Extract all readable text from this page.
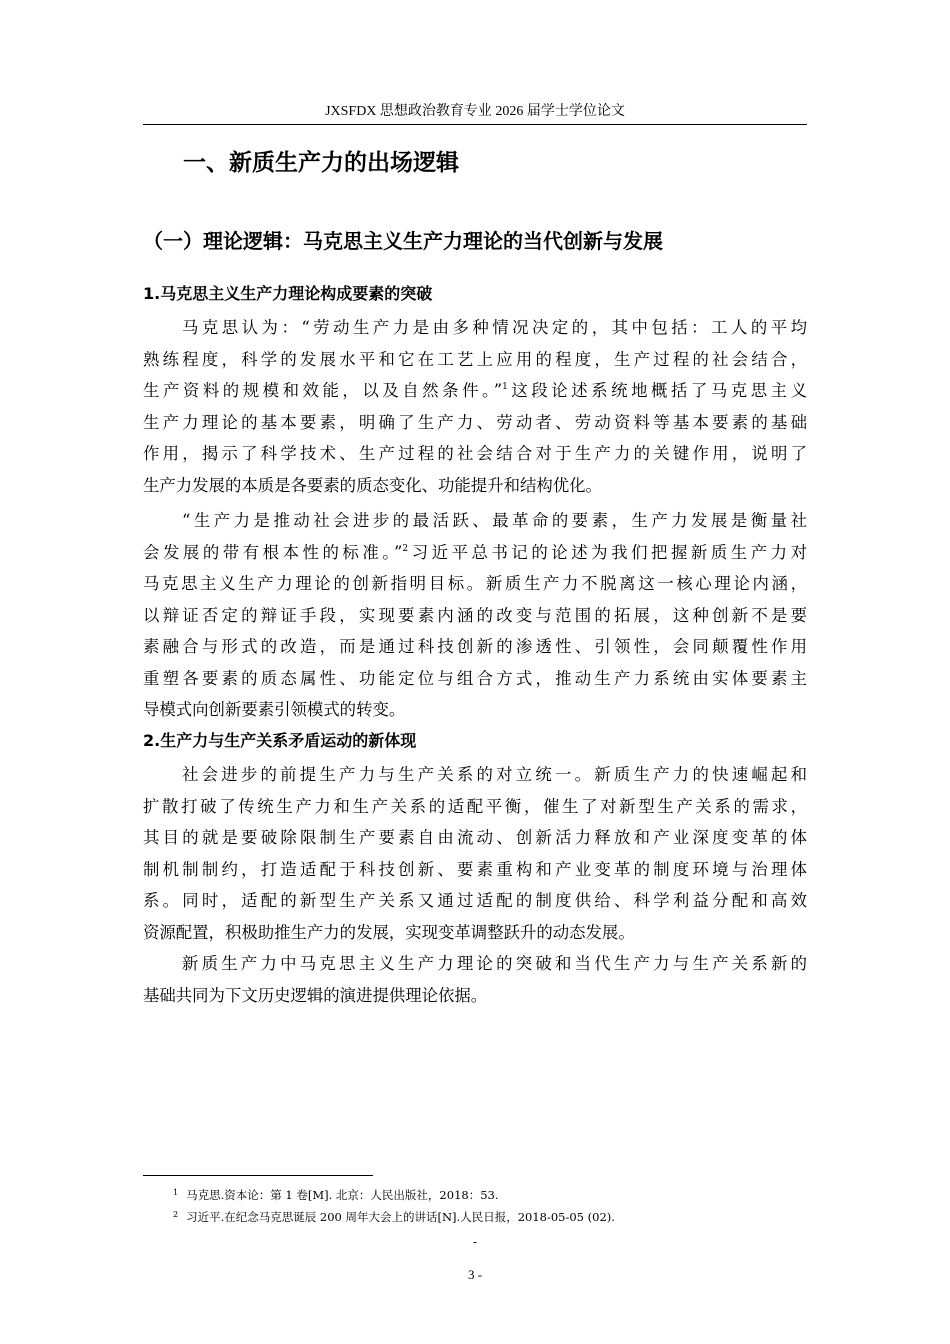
JXSFDX 思想政治教育专业 2026 届学士学位论文
一、新质生产力的出场逻辑
（一）理论逻辑：马克思主义生产力理论的当代创新与发展
1.马克思主义生产力理论构成要素的突破
马克思认为：“劳动生产力是由多种情况决定的，其中包括：工人的平均
熟练程度，科学的发展水平和它在工艺上应用的程度，生产过程的社会结合，
生产资料的规模和效能，以及自然条件。”$^1$这段论述系统地概括了马克思主义
生产力理论的基本要素，明确了生产力、劳动者、劳动资料等基本要素的基础
作用，揭示了科学技术、生产过程的社会结合对于生产力的关键作用，说明了
生产力发展的本质是各要素的质态变化、功能提升和结构优化。
“生产力是推动社会进步的最活跃、最革命的要素，生产力发展是衡量社
会发展的带有根本性的标准。”$^2$习近平总书记的论述为我们把握新质生产力对
马克思主义生产力理论的创新指明目标。新质生产力不脱离这一核心理论内涵，
以辩证否定的辩证手段，实现要素内涵的改变与范围的拓展，这种创新不是要
素融合与形式的改造，而是通过科技创新的渗透性、引领性，会同颠覆性作用
重塑各要素的质态属性、功能定位与组合方式，推动生产力系统由实体要素主
导模式向创新要素引领模式的转变。
2.生产力与生产关系矛盾运动的新体现
社会进步的前提生产力与生产关系的对立统一。新质生产力的快速崛起和
扩散打破了传统生产力和生产关系的适配平衡，催生了对新型生产关系的需求，
其目的就是要破除限制生产要素自由流动、创新活力释放和产业深度变革的体
制机制制约，打造适配于科技创新、要素重构和产业变革的制度环境与治理体
系。同时，适配的新型生产关系又通过适配的制度供给、科学利益分配和高效
资源配置，积极助推生产力的发展，实现变革调整跃升的动态发展。
新质生产力中马克思主义生产力理论的突破和当代生产力与生产关系新的
基础共同为下文历史逻辑的演进提供理论依据。
$^1$ 马克思.资本论：第 1 卷[M]. 北京：人民出版社，2018：53.
$^2$ 习近平.在纪念马克思诞辰 200 周年大会上的讲话[N].人民日报，2018-05-05 (02).
-
3 -
